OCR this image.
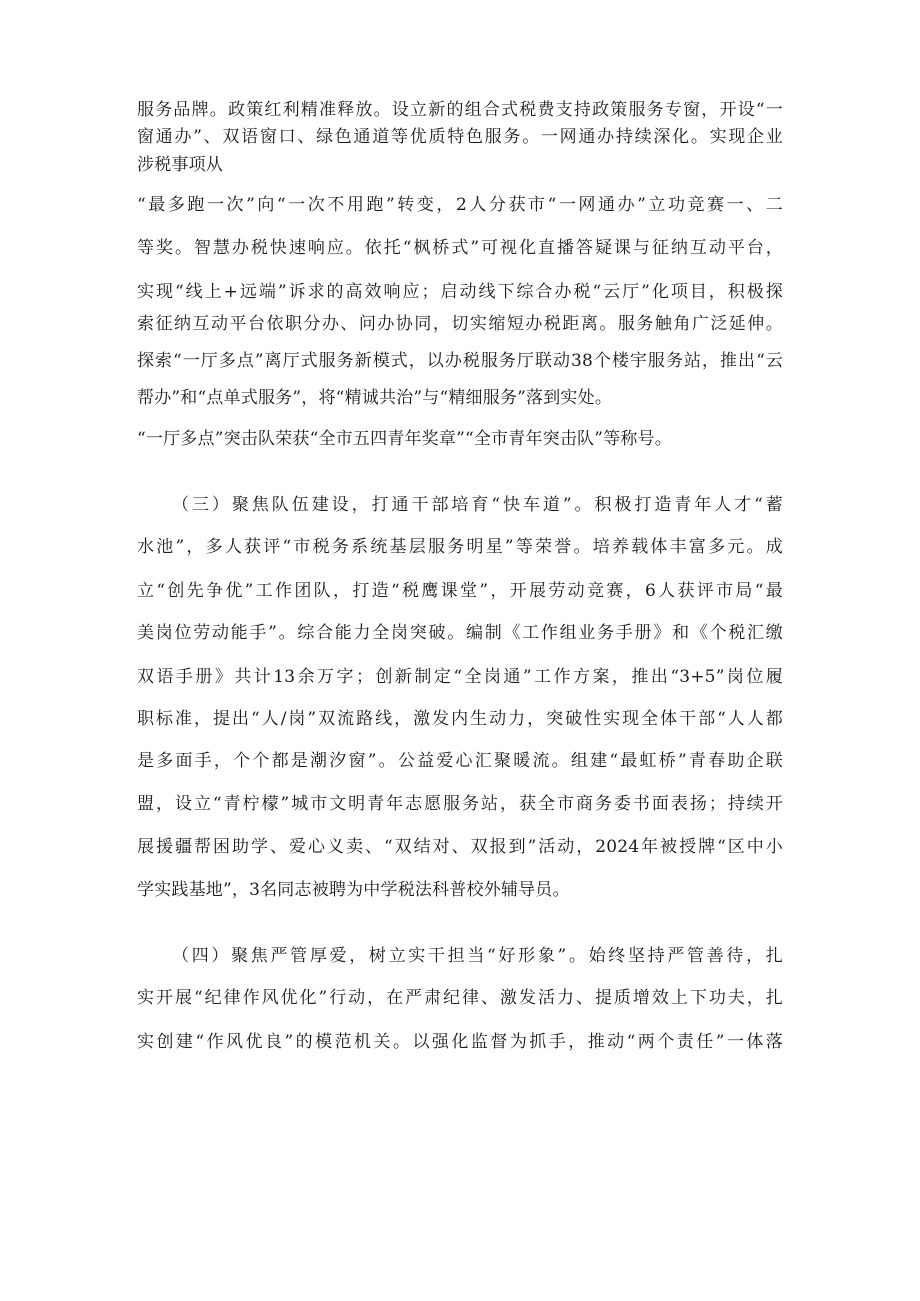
服务品牌。政策红利精准释放。设立新的组合式税费支持政策服务专窗，开设“一
窗通办”、双语窗口、绿色通道等优质特色服务。一网通办持续深化。实现企业
涉税事项从
“最多跑一次”向“一次不用跑”转变，2人分获市“一网通办”立功竞赛一、二
等奖。智慧办税快速响应。依托“枫桥式”可视化直播答疑课与征纳互动平台，
实现“线上+远端”诉求的高效响应；启动线下综合办税“云厅”化项目，积极探
索征纳互动平台依职分办、问办协同，切实缩短办税距离。服务触角广泛延伸。
探索“一厅多点”离厅式服务新模式，以办税服务厅联动38个楼宇服务站，推出“云
帮办”和“点单式服务”，将“精诚共治”与“精细服务”落到实处。
“一厅多点”突击队荣获“全市五四青年奖章”“全市青年突击队”等称号。
（三）聚焦队伍建设，打通干部培育“快车道”。积极打造青年人才“蓄
水池”，多人获评“市税务系统基层服务明星”等荣誉。培养载体丰富多元。成
立“创先争优”工作团队，打造“税鹰课堂”，开展劳动竞赛，6人获评市局“最
美岗位劳动能手”。综合能力全岗突破。编制《工作组业务手册》和《个税汇缴
双语手册》共计13余万字；创新制定“全岗通”工作方案，推出“3+5”岗位履
职标准，提出“人/岗”双流路线，激发内生动力，突破性实现全体干部“人人都
是多面手，个个都是潮汐窗”。公益爱心汇聚暖流。组建“最虹桥”青春助企联
盟，设立“青柠檬”城市文明青年志愿服务站，获全市商务委书面表扬；持续开
展援疆帮困助学、爱心义卖、“双结对、双报到”活动，2024年被授牌“区中小
学实践基地”，3名同志被聘为中学税法科普校外辅导员。
（四）聚焦严管厚爱，树立实干担当“好形象”。始终坚持严管善待，扎
实开展“纪律作风优化”行动，在严肃纪律、激发活力、提质增效上下功夫，扎
实创建“作风优良”的模范机关。以强化监督为抓手，推动“两个责任”一体落
